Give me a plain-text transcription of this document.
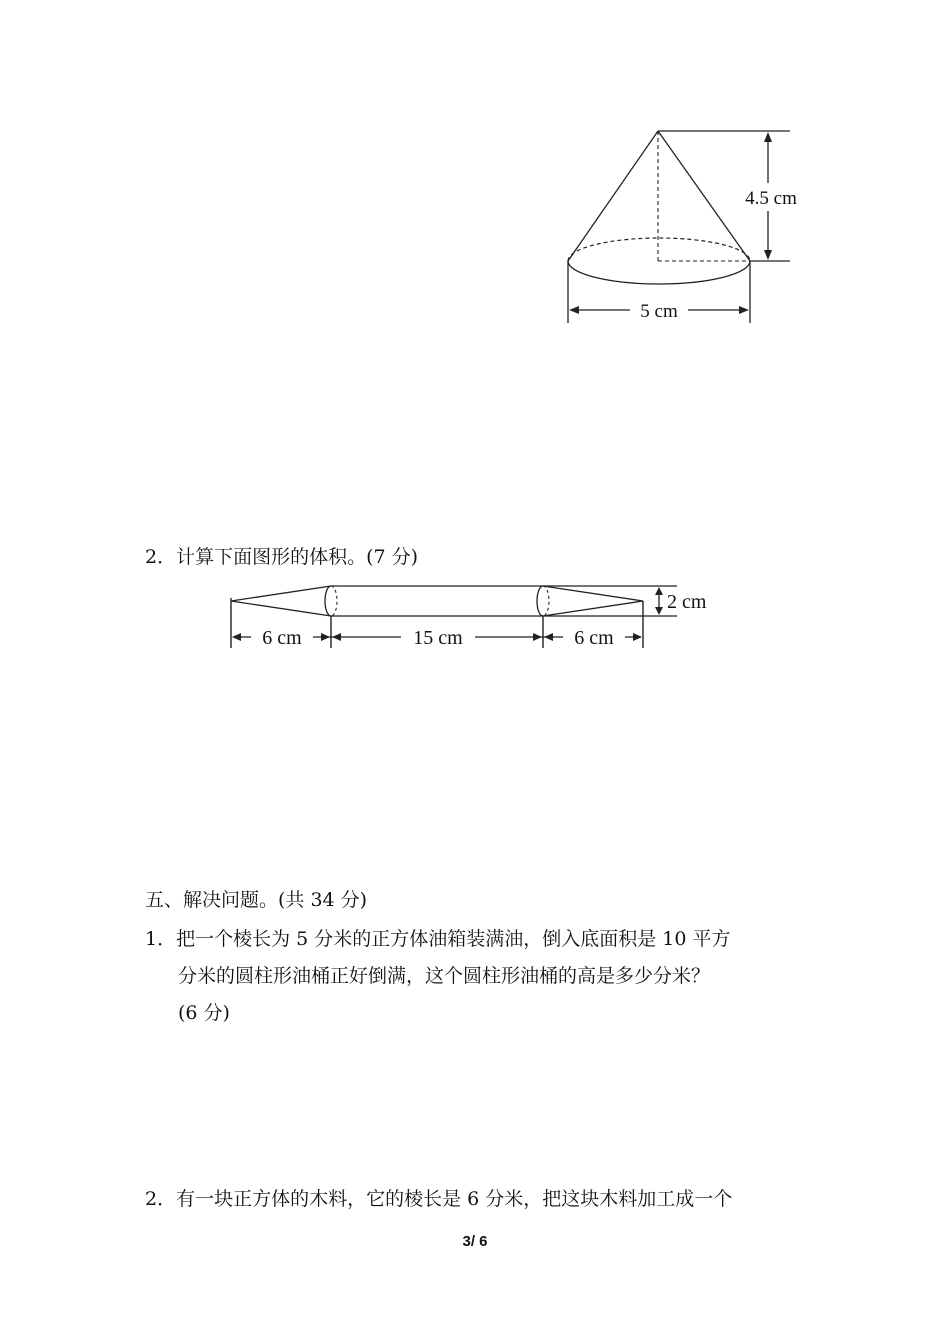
4.5 cm
5 cm
2．计算下面图形的体积。(7 分)
2 cm
6 cm	15 cm	6 cm
五、解决问题。(共 34 分)
1．把一个棱长为 5 分米的正方体油箱装满油，倒入底面积是 10 平方
分米的圆柱形油桶正好倒满，这个圆柱形油桶的高是多少分米？
(6 分)
2．有一块正方体的木料，它的棱长是 6 分米，把这块木料加工成一个
3/ 6
